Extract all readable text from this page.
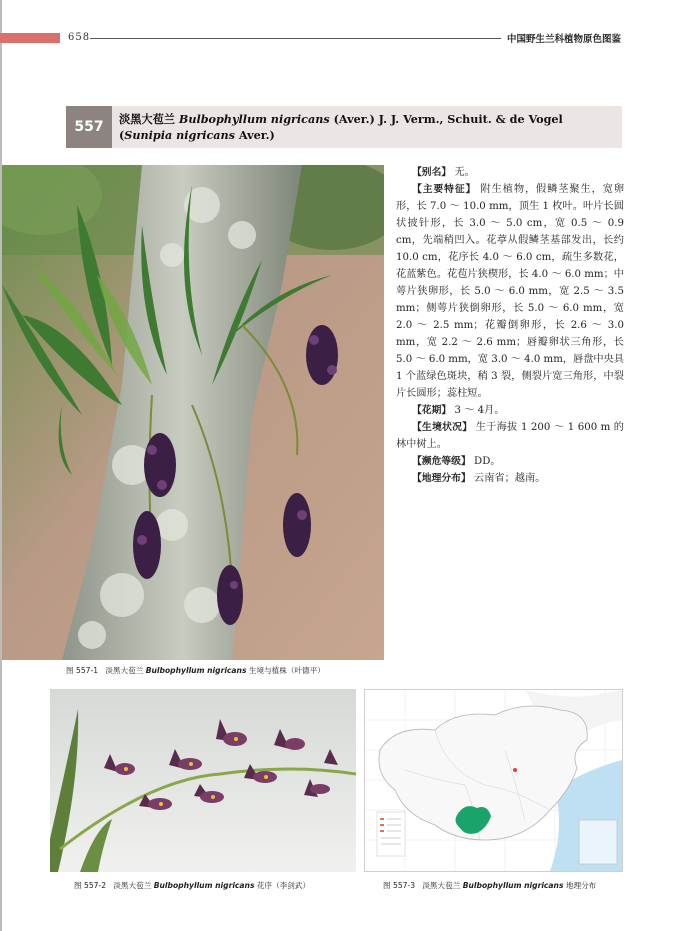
658	中国野生兰科植物原色图鉴
557	淡黑大苞兰 Bulbophyllum nigricans (Aver.) J. J. Verm., Schuit. & de Vogel
(Sunipia nigricans Aver.)
图 557-1 淡黑大苞兰 Bulbophyllum nigricans 生境与植株（叶德平）

【别名】 无。

【主要特征】 附生植物，假鳞茎聚生，宽卵形，长 7.0 ～ 10.0 mm，顶生 1 枚叶。叶片长圆状披针形，长 3.0 ～ 5.0 cm，宽 0.5 ～ 0.9 cm，先端稍凹入。花葶从假鳞茎基部发出，长约 10.0 cm，花序长 4.0 ～ 6.0 cm，疏生多数花，花蓝紫色。花苞片狭楔形，长 4.0 ～ 6.0 mm；中萼片狭卵形，长 5.0 ～ 6.0 mm，宽 2.5 ～ 3.5 mm；侧萼片狭倒卵形，长 5.0 ～ 6.0 mm，宽 2.0 ～ 2.5 mm；花瓣倒卵形，长 2.6 ～ 3.0 mm，宽 2.2 ～ 2.6 mm；唇瓣卵状三角形，长 5.0 ～ 6.0 mm，宽 3.0 ～ 4.0 mm，唇盘中央具 1 个蓝绿色斑块，稍 3 裂，侧裂片宽三角形，中裂片长圆形；蕊柱短。

【花期】 3 ～ 4月。

【生境状况】 生于海拔 1 200 ～ 1 600 m 的林中树上。

【濒危等级】 DD。

【地理分布】 云南省；越南。

图 557-2 淡黑大苞兰 Bulbophyllum nigricans 花序（李剑武）	图 557-3 淡黑大苞兰 Bulbophyllum nigricans 地理分布
